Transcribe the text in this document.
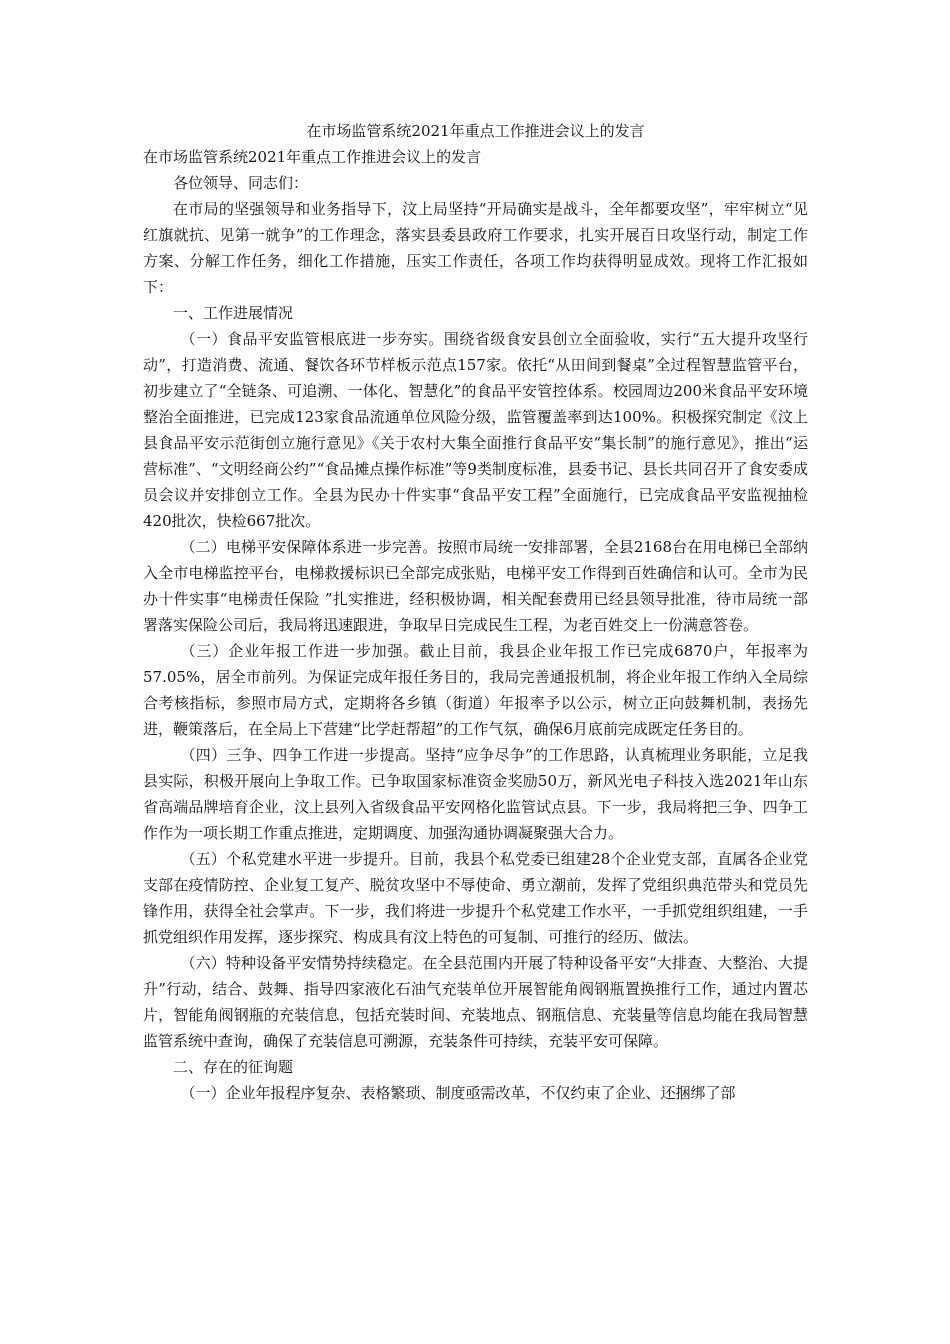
在市场监管系统2021年重点工作推进会议上的发言

在市场监管系统2021年重点工作推进会议上的发言

各位领导、同志们：

在市局的坚强领导和业务指导下，汶上局坚持“开局确实是战斗，全年都要攻坚”，牢牢树立“见红旗就抗、见第一就争”的工作理念，落实县委县政府工作要求，扎实开展百日攻坚行动，制定工作方案、分解工作任务，细化工作措施，压实工作责任，各项工作均获得明显成效。现将工作汇报如下：

一、工作进展情况

（一）食品平安监管根底进一步夯实。围绕省级食安县创立全面验收，实行“五大提升攻坚行动”，打造消费、流通、餐饮各环节样板示范点157家。依托“从田间到餐桌”全过程智慧监管平台，初步建立了“全链条、可追溯、一体化、智慧化”的食品平安管控体系。校园周边200米食品平安环境整治全面推进，已完成123家食品流通单位风险分级，监管覆盖率到达100%。积极探究制定《汶上县食品平安示范街创立施行意见》《关于农村大集全面推行食品平安“集长制”的施行意见》，推出“运营标准”、“文明经商公约”“食品摊点操作标准”等9类制度标准，县委书记、县长共同召开了食安委成员会议并安排创立工作。全县为民办十件实事“食品平安工程”全面施行，已完成食品平安监视抽检420批次，快检667批次。

（二）电梯平安保障体系进一步完善。按照市局统一安排部署，全县2168台在用电梯已全部纳入全市电梯监控平台，电梯救援标识已全部完成张贴，电梯平安工作得到百姓确信和认可。全市为民办十件实事“电梯责任保险 ”扎实推进，经积极协调，相关配套费用已经县领导批准，待市局统一部署落实保险公司后，我局将迅速跟进，争取早日完成民生工程，为老百姓交上一份满意答卷。

（三）企业年报工作进一步加强。截止目前，我县企业年报工作已完成6870户，年报率为57.05%，居全市前列。为保证完成年报任务目的，我局完善通报机制，将企业年报工作纳入全局综合考核指标，参照市局方式，定期将各乡镇（街道）年报率予以公示，树立正向鼓舞机制，表扬先进，鞭策落后，在全局上下营建“比学赶帮超”的工作气氛，确保6月底前完成既定任务目的。

（四）三争、四争工作进一步提高。坚持“应争尽争”的工作思路，认真梳理业务职能，立足我县实际，积极开展向上争取工作。已争取国家标准资金奖励50万，新风光电子科技入选2021年山东省高端品牌培育企业，汶上县列入省级食品平安网格化监管试点县。下一步，我局将把三争、四争工作作为一项长期工作重点推进，定期调度、加强沟通协调凝聚强大合力。

（五）个私党建水平进一步提升。目前，我县个私党委已组建28个企业党支部，直属各企业党支部在疫情防控、企业复工复产、脱贫攻坚中不辱使命、勇立潮前，发挥了党组织典范带头和党员先锋作用，获得全社会掌声。下一步，我们将进一步提升个私党建工作水平，一手抓党组织组建，一手抓党组织作用发挥，逐步探究、构成具有汶上特色的可复制、可推行的经历、做法。

（六）特种设备平安情势持续稳定。在全县范围内开展了特种设备平安“大排查、大整治、大提升”行动，结合、鼓舞、指导四家液化石油气充装单位开展智能角阀钢瓶置换推行工作，通过内置芯片，智能角阀钢瓶的充装信息，包括充装时间、充装地点、钢瓶信息、充装量等信息均能在我局智慧监管系统中查询，确保了充装信息可溯源，充装条件可持续，充装平安可保障。

二、存在的征询题

（一）企业年报程序复杂、表格繁琐、制度亟需改革，不仅约束了企业、还捆绑了部
